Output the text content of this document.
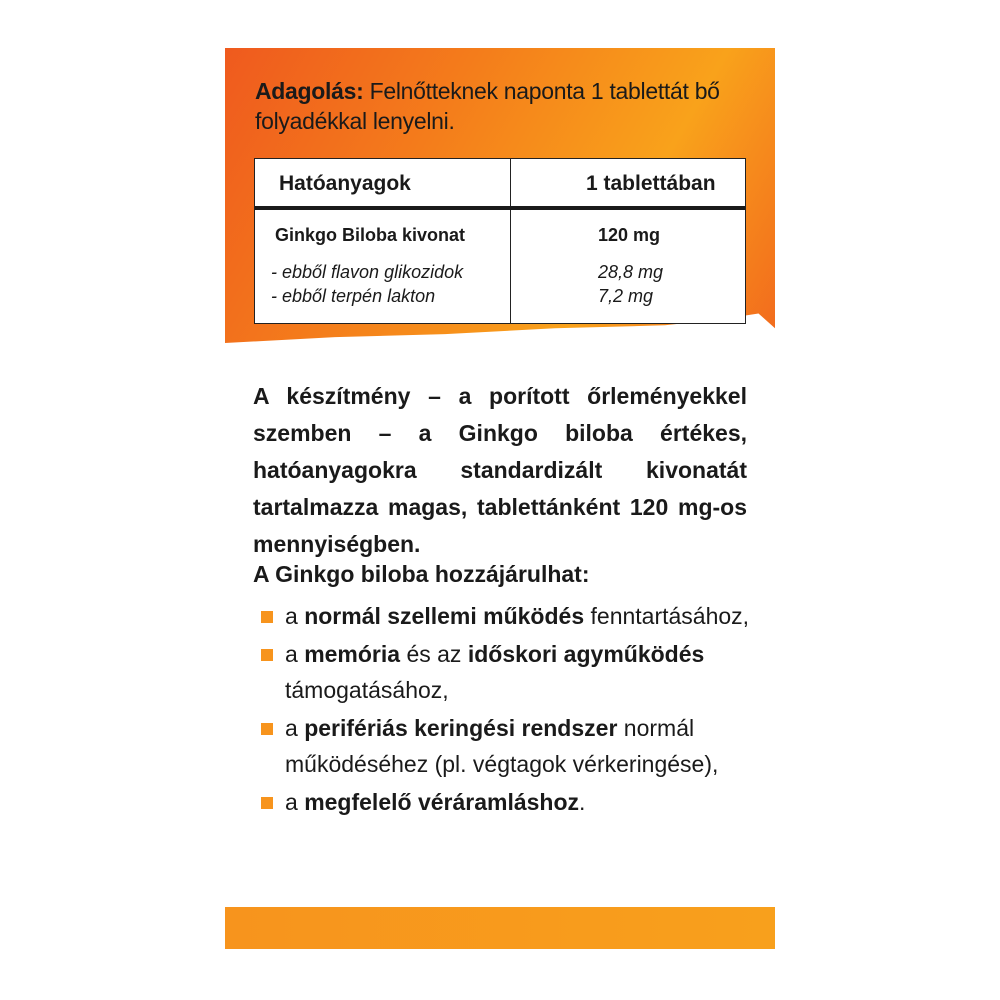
Adagolás: Felnőtteknek naponta 1 tablettát bő folyadékkal lenyelni.
Hatóanyagok	1 tablettában
Ginkgo Biloba kivonat	120 mg
- ebből flavon glikozidok	28,8 mg
- ebből terpén lakton	7,2 mg
A készítmény – a porított őrleményekkel szemben – a Ginkgo biloba értékes, hatóanyagokra standardizált kivonatát tartalmazza magas, tablettánként 120 mg-os mennyiségben.
A Ginkgo biloba hozzájárulhat:
a normál szellemi működés fenntartásához,
a memória és az időskori agyműködés
támogatásához,
a perifériás keringési rendszer normál működéséhez (pl. végtagok vérkeringése),
a megfelelő véráramláshoz.
